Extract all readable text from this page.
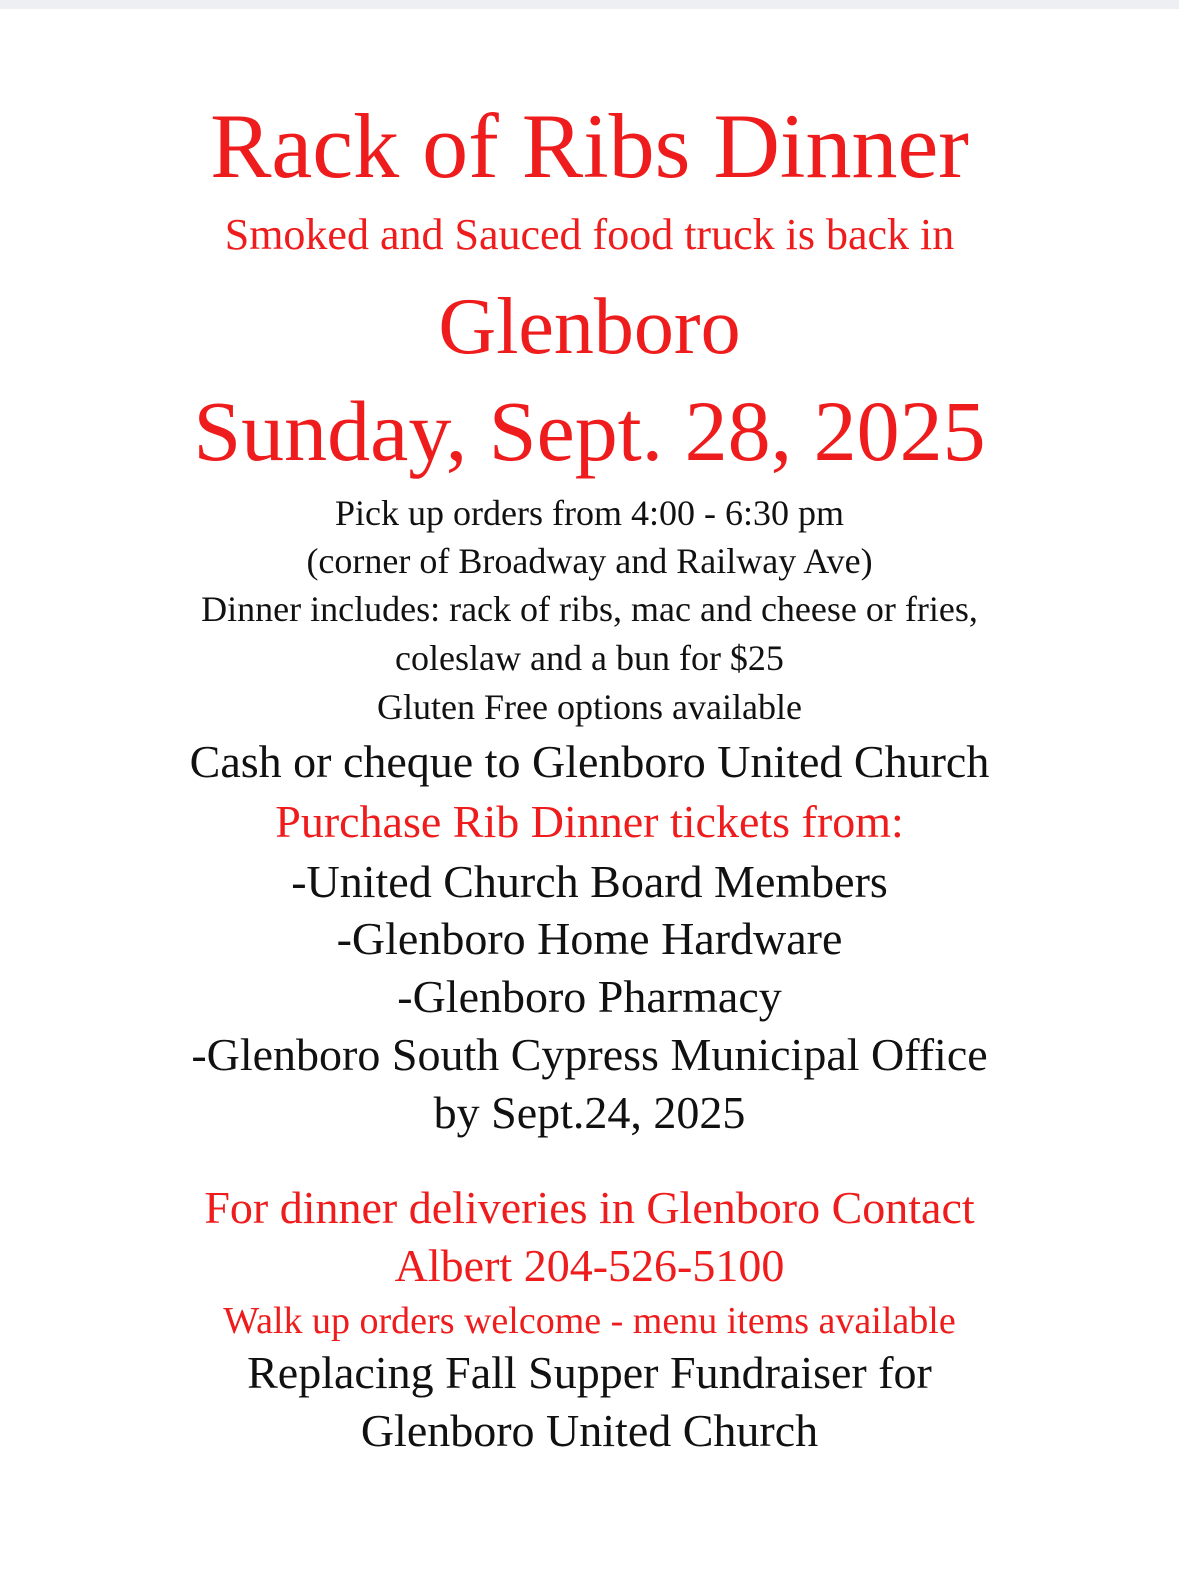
Rack of Ribs Dinner
Smoked and Sauced food truck is back in
Glenboro
Sunday, Sept. 28, 2025
Pick up orders from 4:00 - 6:30 pm
(corner of Broadway and Railway Ave)
Dinner includes: rack of ribs, mac and cheese or fries,
coleslaw and a bun for $25
Gluten Free options available
Cash or cheque to Glenboro United Church
Purchase Rib Dinner tickets from:
-United Church Board Members
-Glenboro Home Hardware
-Glenboro Pharmacy
-Glenboro South Cypress Municipal Office
by Sept.24, 2025
For dinner deliveries in Glenboro Contact
Albert 204-526-5100
Walk up orders welcome - menu items available
Replacing Fall Supper Fundraiser for
Glenboro United Church
